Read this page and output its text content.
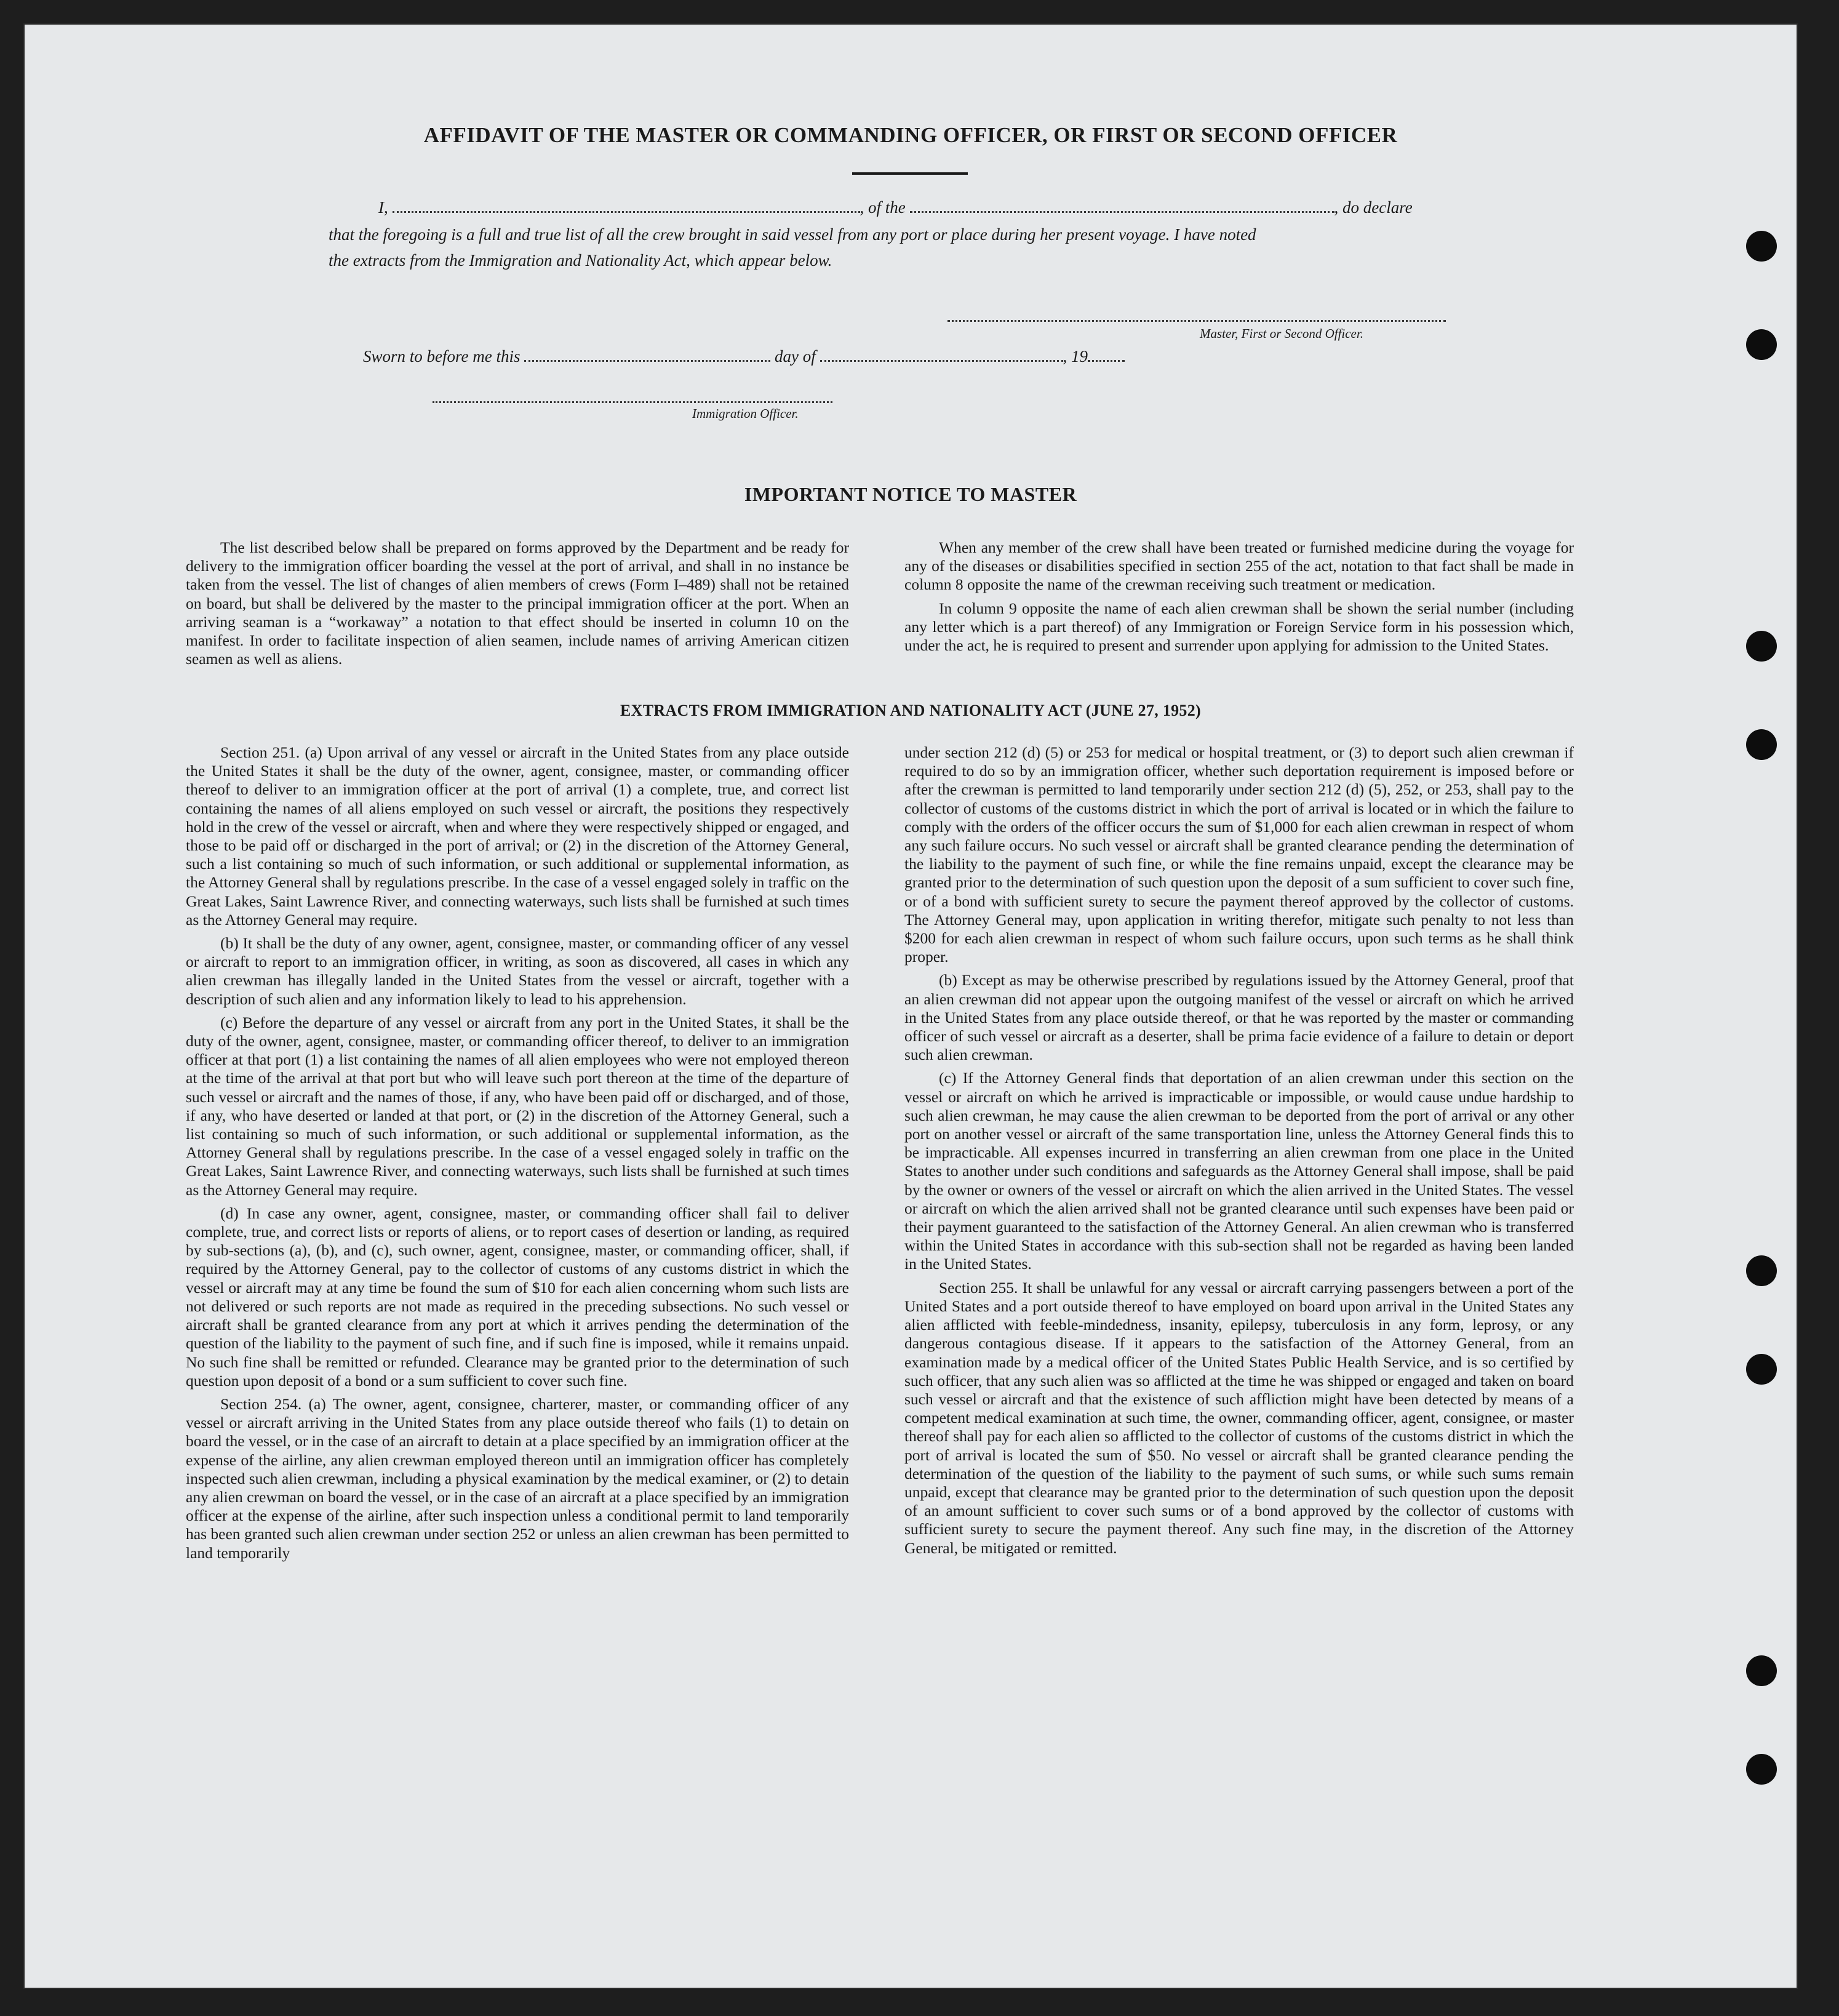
AFFIDAVIT OF THE MASTER OR COMMANDING OFFICER, OR FIRST OR SECOND OFFICER
I,	, of the	, do declare
that the foregoing is a full and true list of all the crew brought in said vessel from any port or place during her present voyage. I have noted
the extracts from the Immigration and Nationality Act, which appear below.
Master, First or Second Officer.
Sworn to before me this	day of	, 19
Immigration Officer.
IMPORTANT NOTICE TO MASTER

The list described below shall be prepared on forms approved by the Department and be ready for delivery to the immigration officer boarding the vessel at the port of arrival, and shall in no instance be taken from the vessel. The list of changes of alien members of crews (Form I–489) shall not be retained on board, but shall be delivered by the master to the principal immigration officer at the port. When an arriving seaman is a “workaway” a notation to that effect should be inserted in column 10 on the manifest. In order to facilitate inspection of alien seamen, include names of arriving American citizen seamen as well as aliens.

When any member of the crew shall have been treated or furnished medicine during the voyage for any of the diseases or disabilities specified in section 255 of the act, notation to that fact shall be made in column 8 opposite the name of the crewman receiving such treatment or medication.

In column 9 opposite the name of each alien crewman shall be shown the serial number (including any letter which is a part thereof) of any Immigration or Foreign Service form in his possession which, under the act, he is required to present and surrender upon applying for admission to the United States.

EXTRACTS FROM IMMIGRATION AND NATIONALITY ACT (JUNE 27, 1952)

Section 251. (a) Upon arrival of any vessel or aircraft in the United States from any place outside the United States it shall be the duty of the owner, agent, consignee, master, or commanding officer thereof to deliver to an immigration officer at the port of arrival (1) a complete, true, and correct list containing the names of all aliens employed on such vessel or aircraft, the positions they respectively hold in the crew of the vessel or aircraft, when and where they were respectively shipped or engaged, and those to be paid off or discharged in the port of arrival; or (2) in the discretion of the Attorney General, such a list containing so much of such information, or such additional or supplemental information, as the Attorney General shall by regulations prescribe. In the case of a vessel engaged solely in traffic on the Great Lakes, Saint Lawrence River, and connecting waterways, such lists shall be furnished at such times as the Attorney General may require.

(b) It shall be the duty of any owner, agent, consignee, master, or commanding officer of any vessel or aircraft to report to an immigration officer, in writing, as soon as discovered, all cases in which any alien crewman has illegally landed in the United States from the vessel or aircraft, together with a description of such alien and any information likely to lead to his apprehension.

(c) Before the departure of any vessel or aircraft from any port in the United States, it shall be the duty of the owner, agent, consignee, master, or commanding officer thereof, to deliver to an immigration officer at that port (1) a list containing the names of all alien employees who were not employed thereon at the time of the arrival at that port but who will leave such port thereon at the time of the departure of such vessel or aircraft and the names of those, if any, who have been paid off or discharged, and of those, if any, who have deserted or landed at that port, or (2) in the discretion of the Attorney General, such a list containing so much of such information, or such additional or supplemental information, as the Attorney General shall by regulations prescribe. In the case of a vessel engaged solely in traffic on the Great Lakes, Saint Lawrence River, and connecting waterways, such lists shall be furnished at such times as the Attorney General may require.

(d) In case any owner, agent, consignee, master, or commanding officer shall fail to deliver complete, true, and correct lists or reports of aliens, or to report cases of desertion or landing, as required by sub-sections (a), (b), and (c), such owner, agent, consignee, master, or commanding officer, shall, if required by the Attorney General, pay to the collector of customs of any customs district in which the vessel or aircraft may at any time be found the sum of $10 for each alien concerning whom such lists are not delivered or such reports are not made as required in the preceding subsections. No such vessel or aircraft shall be granted clearance from any port at which it arrives pending the determination of the question of the liability to the payment of such fine, and if such fine is imposed, while it remains unpaid. No such fine shall be remitted or refunded. Clearance may be granted prior to the determination of such question upon deposit of a bond or a sum sufficient to cover such fine.

Section 254. (a) The owner, agent, consignee, charterer, master, or commanding officer of any vessel or aircraft arriving in the United States from any place outside thereof who fails (1) to detain on board the vessel, or in the case of an aircraft to detain at a place specified by an immigration officer at the expense of the airline, any alien crewman employed thereon until an immigration officer has completely inspected such alien crewman, including a physical examination by the medical examiner, or (2) to detain any alien crewman on board the vessel, or in the case of an aircraft at a place specified by an immigration officer at the expense of the airline, after such inspection unless a conditional permit to land temporarily has been granted such alien crewman under section 252 or unless an alien crewman has been permitted to land temporarily

under section 212 (d) (5) or 253 for medical or hospital treatment, or (3) to deport such alien crewman if required to do so by an immigration officer, whether such deportation requirement is imposed before or after the crewman is permitted to land temporarily under section 212 (d) (5), 252, or 253, shall pay to the collector of customs of the customs district in which the port of arrival is located or in which the failure to comply with the orders of the officer occurs the sum of $1,000 for each alien crewman in respect of whom any such failure occurs. No such vessel or aircraft shall be granted clearance pending the determination of the liability to the payment of such fine, or while the fine remains unpaid, except the clearance may be granted prior to the determination of such question upon the deposit of a sum sufficient to cover such fine, or of a bond with sufficient surety to secure the payment thereof approved by the collector of customs. The Attorney General may, upon application in writing therefor, mitigate such penalty to not less than $200 for each alien crewman in respect of whom such failure occurs, upon such terms as he shall think proper.

(b) Except as may be otherwise prescribed by regulations issued by the Attorney General, proof that an alien crewman did not appear upon the outgoing manifest of the vessel or aircraft on which he arrived in the United States from any place outside thereof, or that he was reported by the master or commanding officer of such vessel or aircraft as a deserter, shall be prima facie evidence of a failure to detain or deport such alien crewman.

(c) If the Attorney General finds that deportation of an alien crewman under this section on the vessel or aircraft on which he arrived is impracticable or impossible, or would cause undue hardship to such alien crewman, he may cause the alien crewman to be deported from the port of arrival or any other port on another vessel or aircraft of the same transportation line, unless the Attorney General finds this to be impracticable. All expenses incurred in transferring an alien crewman from one place in the United States to another under such conditions and safeguards as the Attorney General shall impose, shall be paid by the owner or owners of the vessel or aircraft on which the alien arrived in the United States. The vessel or aircraft on which the alien arrived shall not be granted clearance until such expenses have been paid or their payment guaranteed to the satisfaction of the Attorney General. An alien crewman who is transferred within the United States in accordance with this sub-section shall not be regarded as having been landed in the United States.

Section 255. It shall be unlawful for any vessal or aircraft carrying passengers between a port of the United States and a port outside thereof to have employed on board upon arrival in the United States any alien afflicted with feeble-mindedness, insanity, epilepsy, tuberculosis in any form, leprosy, or any dangerous contagious disease. If it appears to the satisfaction of the Attorney General, from an examination made by a medical officer of the United States Public Health Service, and is so certified by such officer, that any such alien was so afflicted at the time he was shipped or engaged and taken on board such vessel or aircraft and that the existence of such affliction might have been detected by means of a competent medical examination at such time, the owner, commanding officer, agent, consignee, or master thereof shall pay for each alien so afflicted to the collector of customs of the customs district in which the port of arrival is located the sum of $50. No vessel or aircraft shall be granted clearance pending the determination of the question of the liability to the payment of such sums, or while such sums remain unpaid, except that clearance may be granted prior to the determination of such question upon the deposit of an amount sufficient to cover such sums or of a bond approved by the collector of customs with sufficient surety to secure the payment thereof. Any such fine may, in the discretion of the Attorney General, be mitigated or remitted.
